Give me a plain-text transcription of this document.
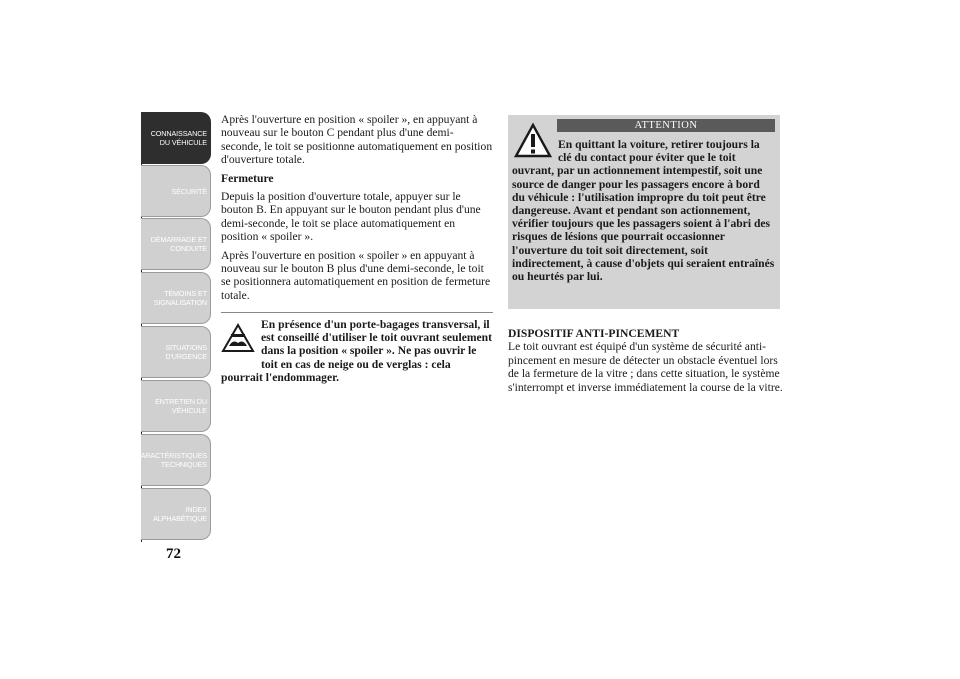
CONNAISSANCE DU VÉHICULE
SÉCURITÉ
DÉMARRAGE ET CONDUITE
TÉMOINS ET SIGNALISATION
SITUATIONS D'URGENCE
ENTRETIEN DU VÉHICULE
CARACTÉRISTIQUES TECHNIQUES
INDEX ALPHABÉTIQUE
72

Après l'ouverture en position « spoiler », en appuyant à nouveau sur le bouton C pendant plus d'une demi-seconde, le toit se positionne automatiquement en position d'ouverture totale.

Fermeture

Depuis la position d'ouverture totale, appuyer sur le bouton B. En appuyant sur le bouton pendant plus d'une demi-seconde, le toit se place automatiquement en position « spoiler ».

Après l'ouverture en position « spoiler » en appuyant à nouveau sur le bouton B plus d'une demi-seconde, le toit se positionnera automatiquement en position de fermeture totale.

En présence d'un porte-bagages transversal, il est conseillé d'utiliser le toit ouvrant seulement dans la position « spoiler ». Ne pas ouvrir le toit en cas de neige ou de verglas : cela pourrait l'endommager.
ATTENTION
En quittant la voiture, retirer toujours la clé du contact pour éviter que le toit ouvrant, par un actionnement intempestif, soit une source de danger pour les passagers encore à bord du véhicule : l'utilisation impropre du toit peut être dangereuse. Avant et pendant son actionnement, vérifier toujours que les passagers soient à l'abri des risques de lésions que pourrait occasionner l'ouverture du toit soit directement, soit indirectement, à cause d'objets qui seraient entraînés ou heurtés par lui.

DISPOSITIF ANTI-PINCEMENT

Le toit ouvrant est équipé d'un système de sécurité anti-pincement en mesure de détecter un obstacle éventuel lors de la fermeture de la vitre ; dans cette situation, le système s'interrompt et inverse immédiatement la course de la vitre.
